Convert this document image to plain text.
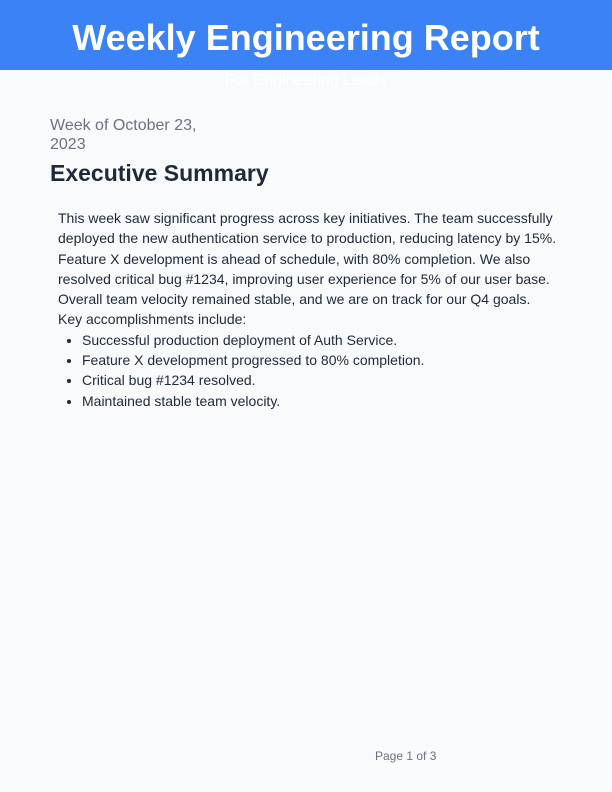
Weekly Engineering Report
For Engineering Leads
Week of October 23, 2023
Executive Summary

This week saw significant progress across key initiatives. The team successfully deployed the new authentication service to production, reducing latency by 15%. Feature X development is ahead of schedule, with 80% completion. We also resolved critical bug #1234, improving user experience for 5% of our user base. Overall team velocity remained stable, and we are on track for our Q4 goals.

Key accomplishments include:

• Successful production deployment of Auth Service.
• Feature X development progressed to 80% completion.
• Critical bug #1234 resolved.
• Maintained stable team velocity.
Page 1 of 3
